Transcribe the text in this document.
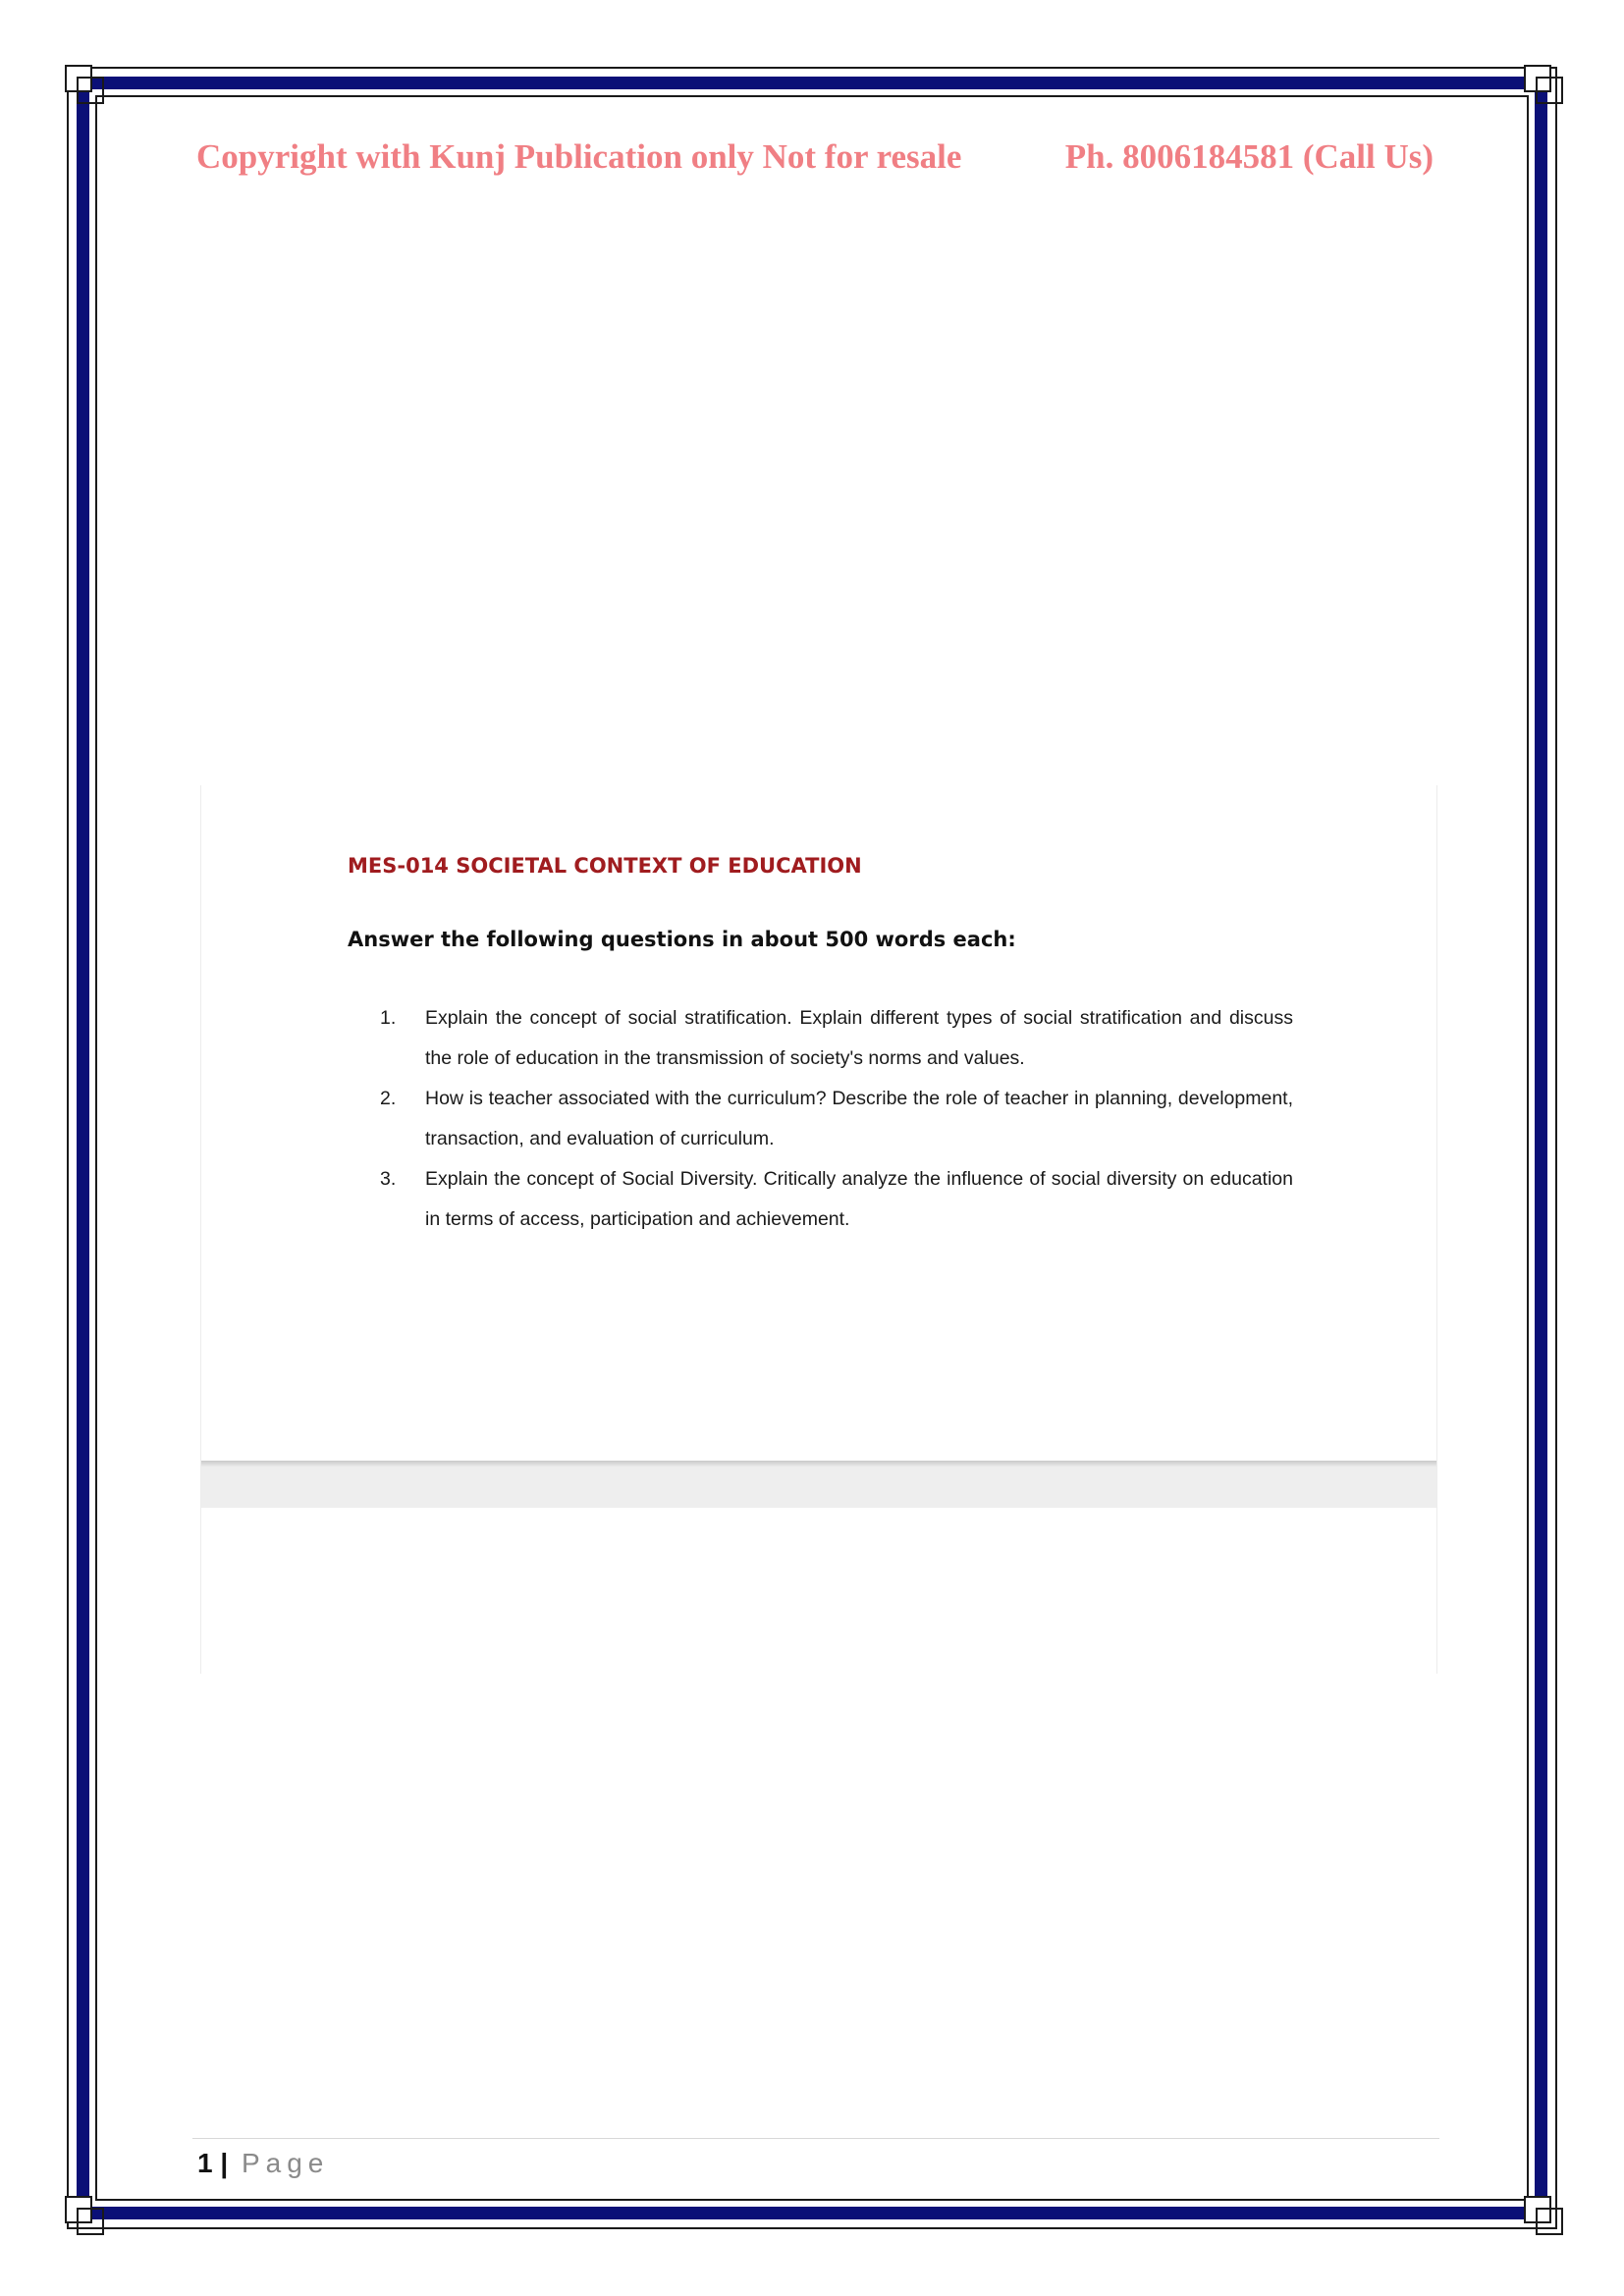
Copyright with Kunj Publication only Not for resale	Ph. 8006184581 (Call Us)
MES-014 SOCIETAL CONTEXT OF EDUCATION
Answer the following questions in about 500 words each:
1. Explain the concept of social stratification. Explain different types of social stratification and discuss the role of education in the transmission of society's norms and values.
2. How is teacher associated with the curriculum? Describe the role of teacher in planning, development, transaction, and evaluation of curriculum.
3. Explain the concept of Social Diversity. Critically analyze the influence of social diversity on education in terms of access, participation and achievement.
1 | Page
